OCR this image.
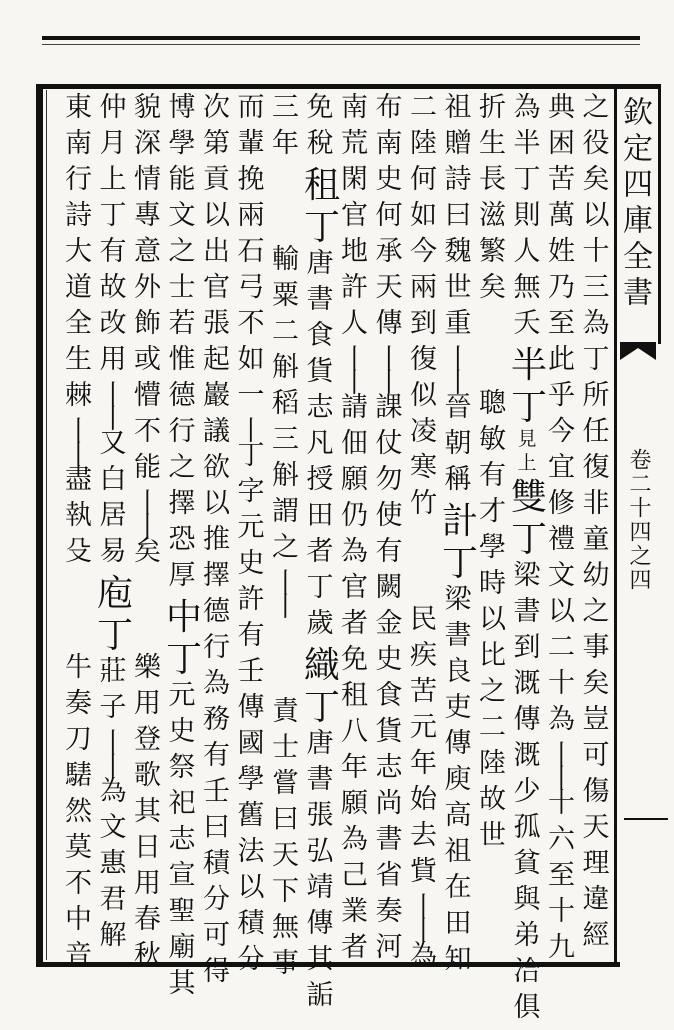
欽定四庫全書
卷二十四之四
之
役
矣
以
十
三
為
丁
所
任
復
非
童
幼
之
事
矣
豈
可
傷
天
理
違
經
典
困
苦
萬
姓
乃
至
此
乎
今
宜
修
禮
文
以
二
十
為
丨
丨
十
六
至
十
九
為
半
丁
則
人
無
夭
半
丁
見
上
雙
丁
梁
書
到
溉
傳
溉
少
孤
貧
與
弟
洽
俱
折
生
長
滋
繁
矣
聰
敏
有
才
學
時
以
比
之
二
陸
故
世
祖
贈
詩
曰
魏
世
重
丨
丨
晉
朝
稱
計
丁
梁
書
良
吏
傳
庾
高
祖
在
田
知
二
陸
何
如
今
兩
到
復
似
凌
寒
竹
民
疾
苦
元
年
始
去
貲
丨
丨
為
布
南
史
何
承
天
傳
丨
丨
課
仗
勿
使
有
闕
金
史
食
貨
志
尚
書
省
奏
河
南
荒
閑
官
地
許
人
丨
丨
請
佃
願
仍
為
官
者
免
租
八
年
願
為
己
業
者
免
稅
租
丁
唐
書
食
貨
志
凡
授
田
者
丁
歲
織
丁
唐
書
張
弘
靖
傳
其
詬
三
年
輸
粟
二
斛
稻
三
斛
謂
之
丨
丨
責
士
嘗
曰
天
下
無
事
而
輩
挽
兩
石
弓
不
如
一
丨
丁
字
元
史
許
有
壬
傳
國
學
舊
法
以
積
分
次
第
貢
以
出
官
張
起
巖
議
欲
以
推
擇
德
行
為
務
有
壬
曰
積
分
可
得
博
學
能
文
之
士
若
惟
德
行
之
擇
恐
厚
中
丁
元
史
祭
祀
志
宣
聖
廟
其
貌
深
情
專
意
外
飾
或
懵
不
能
丨
丨
矣
樂
用
登
歌
其
日
用
春
秋
仲
月
上
丁
有
故
改
用
丨
丨
又
白
居
易
庖
丁
莊
子
丨
丨
為
文
惠
君
解
東
南
行
詩
大
道
全
生
棘
丨
丨
盡
執
殳
牛
奏
刀
騞
然
莫
不
中
音
